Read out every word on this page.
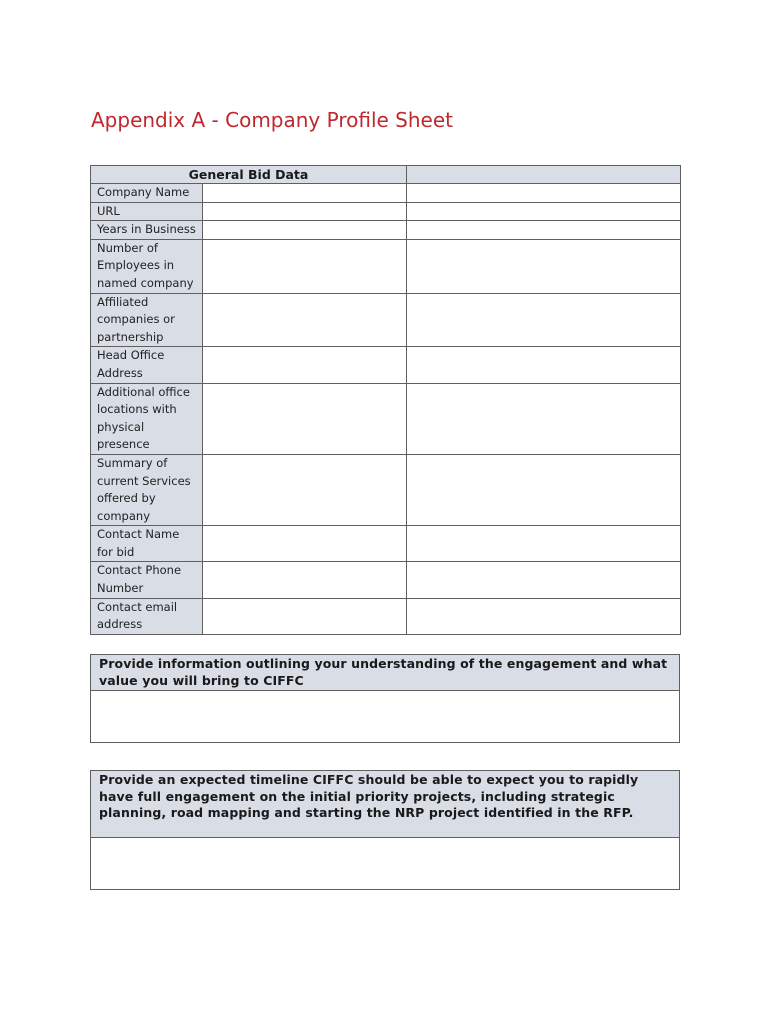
Appendix A - Company Profile Sheet
General Bid Data		
Company Name		
URL		
Years in Business		
Number of Employees in named company		
Affiliated companies or partnership		
Head Office Address		
Additional office locations with physical presence		
Summary of current Services offered by company		
Contact Name for bid		
Contact Phone Number		
Contact email address		
Provide information outlining your understanding of the engagement and what value you will bring to CIFFC

Provide an expected timeline CIFFC should be able to expect you to rapidly have full engagement on the initial priority projects, including strategic planning, road mapping and starting the NRP project identified in the RFP.
